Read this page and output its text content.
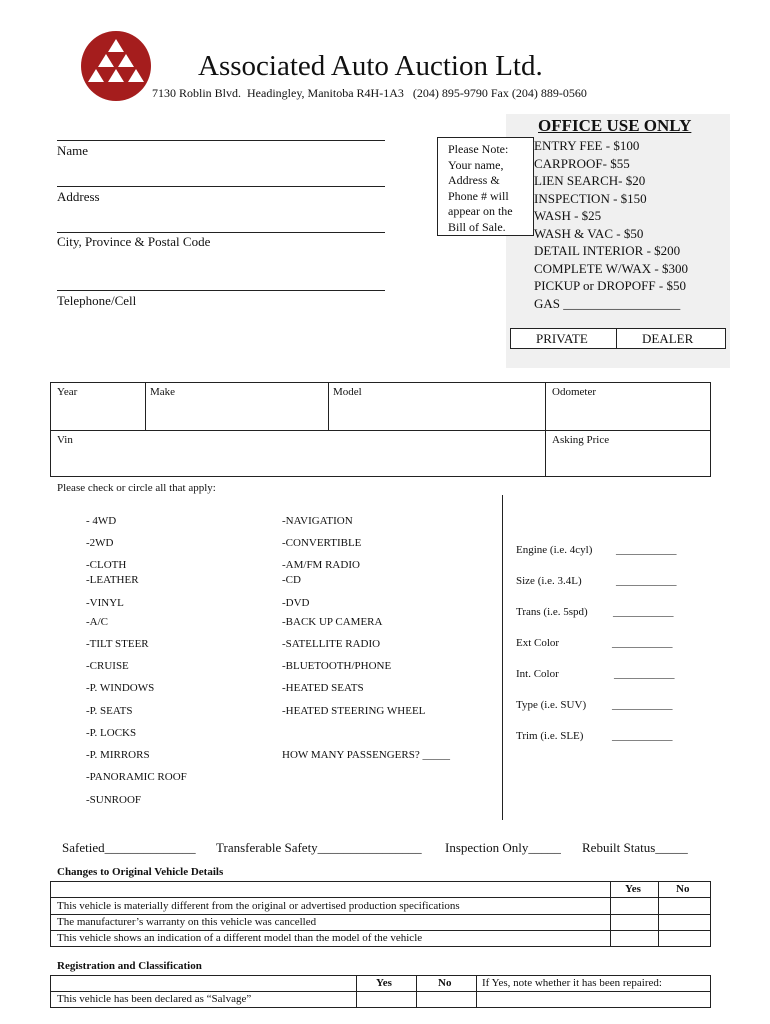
Associated Auto Auction Ltd.
7130 Roblin Blvd.  Headingley, Manitoba R4H-1A3   (204) 895-9790 Fax (204) 889-0560
Name
Address
City, Province & Postal Code
Telephone/Cell
OFFICE USE ONLY
ENTRY FEE - $100
CARPROOF- $55
LIEN SEARCH- $20
INSPECTION - $150
WASH - $25
WASH & VAC - $50
DETAIL INTERIOR - $200
COMPLETE W/WAX - $300
PICKUP or DROPOFF - $50
GAS __________________
PRIVATE	DEALER
Please Note:
Your name,
Address &
Phone # will
appear on the
Bill of Sale.
Year	Make	Model	Odometer
Vin	Asking Price
Please check or circle all that apply:
- 4WD
-2WD
-CLOTH
-LEATHER
-VINYL
-A/C
-TILT STEER
-CRUISE
-P. WINDOWS
-P. SEATS
-P. LOCKS
-P. MIRRORS
-PANORAMIC ROOF
-SUNROOF
-NAVIGATION
-CONVERTIBLE
-AM/FM RADIO
-CD
-DVD
-BACK UP CAMERA
-SATELLITE RADIO
-BLUETOOTH/PHONE
-HEATED SEATS
-HEATED STEERING WHEEL
HOW MANY PASSENGERS? _____
Engine (i.e. 4cyl) ___________
Size (i.e. 3.4L)	___________
Trans (i.e. 5spd) ___________
Ext Color	___________
Int. Color	___________
Type (i.e. SUV) ___________
Trim (i.e. SLE)	___________
Safetied______________ Transferable Safety________________ Inspection Only_____ Rebuilt Status_____
Changes to Original Vehicle Details
Yes	No
This vehicle is materially different from the original or advertised production specifications
The manufacturer’s warranty on this vehicle was cancelled
This vehicle shows an indication of a different model than the model of the vehicle
Registration and Classification
Yes	No	If Yes, note whether it has been repaired:
This vehicle has been declared as “Salvage”
